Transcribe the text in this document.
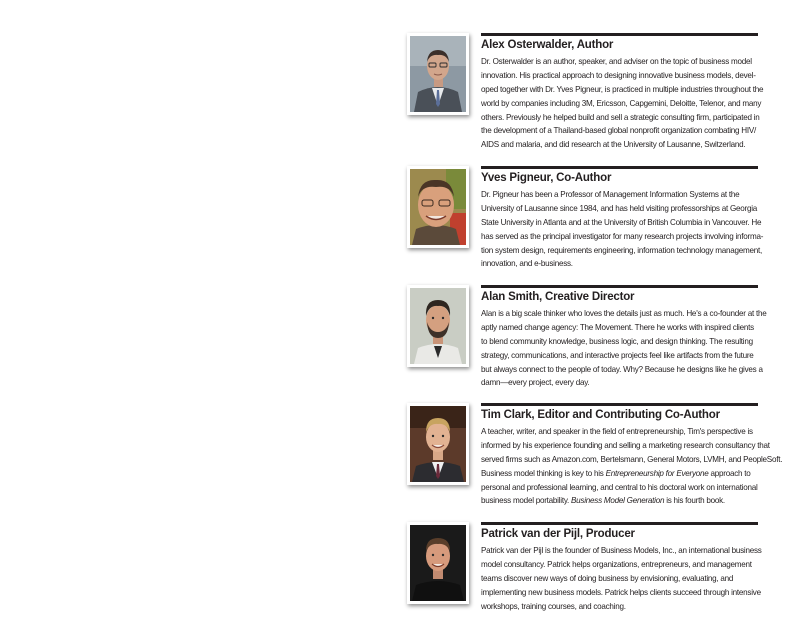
Alex Osterwalder, Author
Dr. Osterwalder is an author, speaker, and adviser on the topic of business model
innovation. His practical approach to designing innovative business models, devel-
oped together with Dr. Yves Pigneur, is practiced in multiple industries throughout the
world by companies including 3M, Ericsson, Capgemini, Deloitte, Telenor, and many
others. Previously he helped build and sell a strategic consulting firm, participated in
the development of a Thailand-based global nonprofit organization combating HIV/
AIDS and malaria, and did research at the University of Lausanne, Switzerland.
Yves Pigneur, Co-Author
Dr. Pigneur has been a Professor of Management Information Systems at the
University of Lausanne since 1984, and has held visiting professorships at Georgia
State University in Atlanta and at the University of British Columbia in Vancouver. He
has served as the principal investigator for many research projects involving informa-
tion system design, requirements engineering, information technology management,
innovation, and e-business.
Alan Smith, Creative Director
Alan is a big scale thinker who loves the details just as much. He's a co-founder at the
aptly named change agency: The Movement. There he works with inspired clients
to blend community knowledge, business logic, and design thinking. The resulting
strategy, communications, and interactive projects feel like artifacts from the future
but always connect to the people of today. Why? Because he designs like he gives a
damn—every project, every day.
Tim Clark, Editor and Contributing Co-Author
A teacher, writer, and speaker in the field of entrepreneurship, Tim's perspective is
informed by his experience founding and selling a marketing research consultancy that
served firms such as Amazon.com, Bertelsmann, General Motors, LVMH, and PeopleSoft.
Business model thinking is key to his Entrepreneurship for Everyone approach to
personal and professional learning, and central to his doctoral work on international
business model portability. Business Model Generation is his fourth book.
Patrick van der Pijl, Producer
Patrick van der Pijl is the founder of Business Models, Inc., an international business
model consultancy. Patrick helps organizations, entrepreneurs, and management
teams discover new ways of doing business by envisioning, evaluating, and
implementing new business models. Patrick helps clients succeed through intensive
workshops, training courses, and coaching.
